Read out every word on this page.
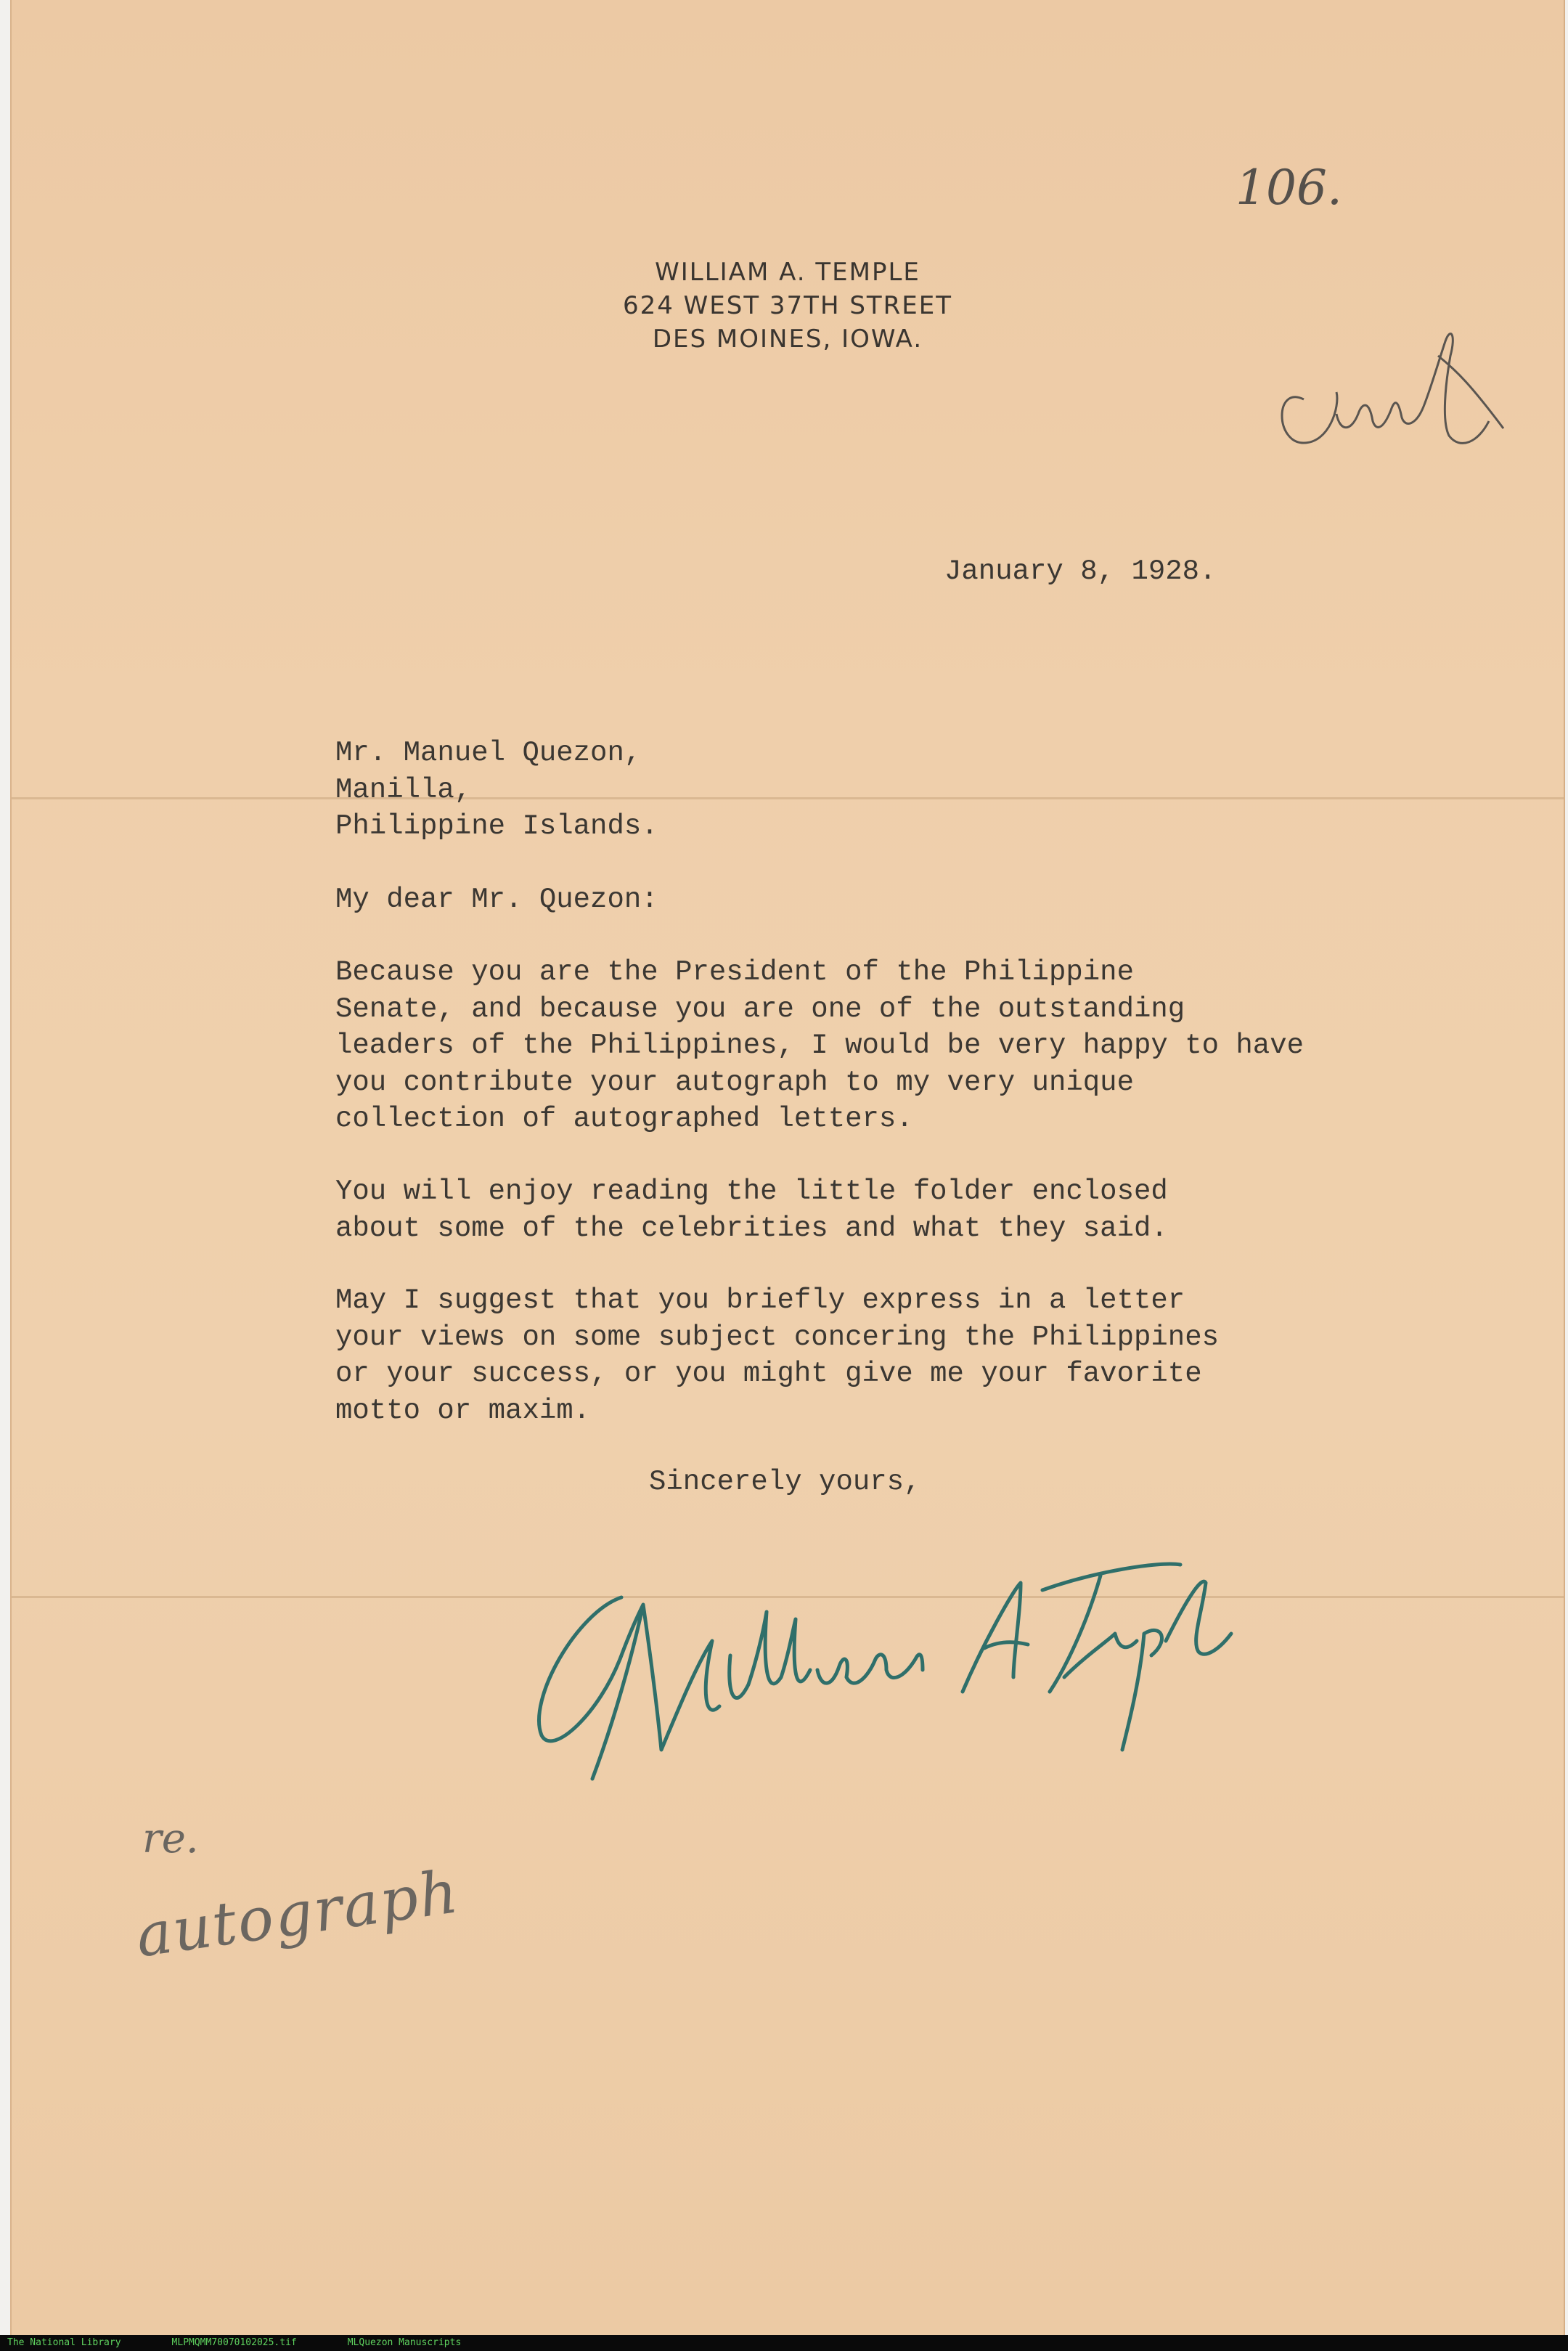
WILLIAM A. TEMPLE
624 WEST 37TH STREET
DES MOINES, IOWA.
106.
January 8, 1928.
Mr. Manuel Quezon,
Manilla,
Philippine Islands.
My dear Mr. Quezon:
Because you are the President of the Philippine
Senate, and because you are one of the outstanding
leaders of the Philippines, I would be very happy to have
you contribute your autograph to my very unique
collection of autographed letters.
You will enjoy reading the little folder enclosed
about some of the celebrities and what they said.
May I suggest that you briefly express in a letter
your views on some subject concering the Philippines
or your success, or you might give me your favorite
motto or maxim.
Sincerely yours,
re.
autograph
The National Library	MLPMQMM70070102025.tif	MLQuezon Manuscripts
